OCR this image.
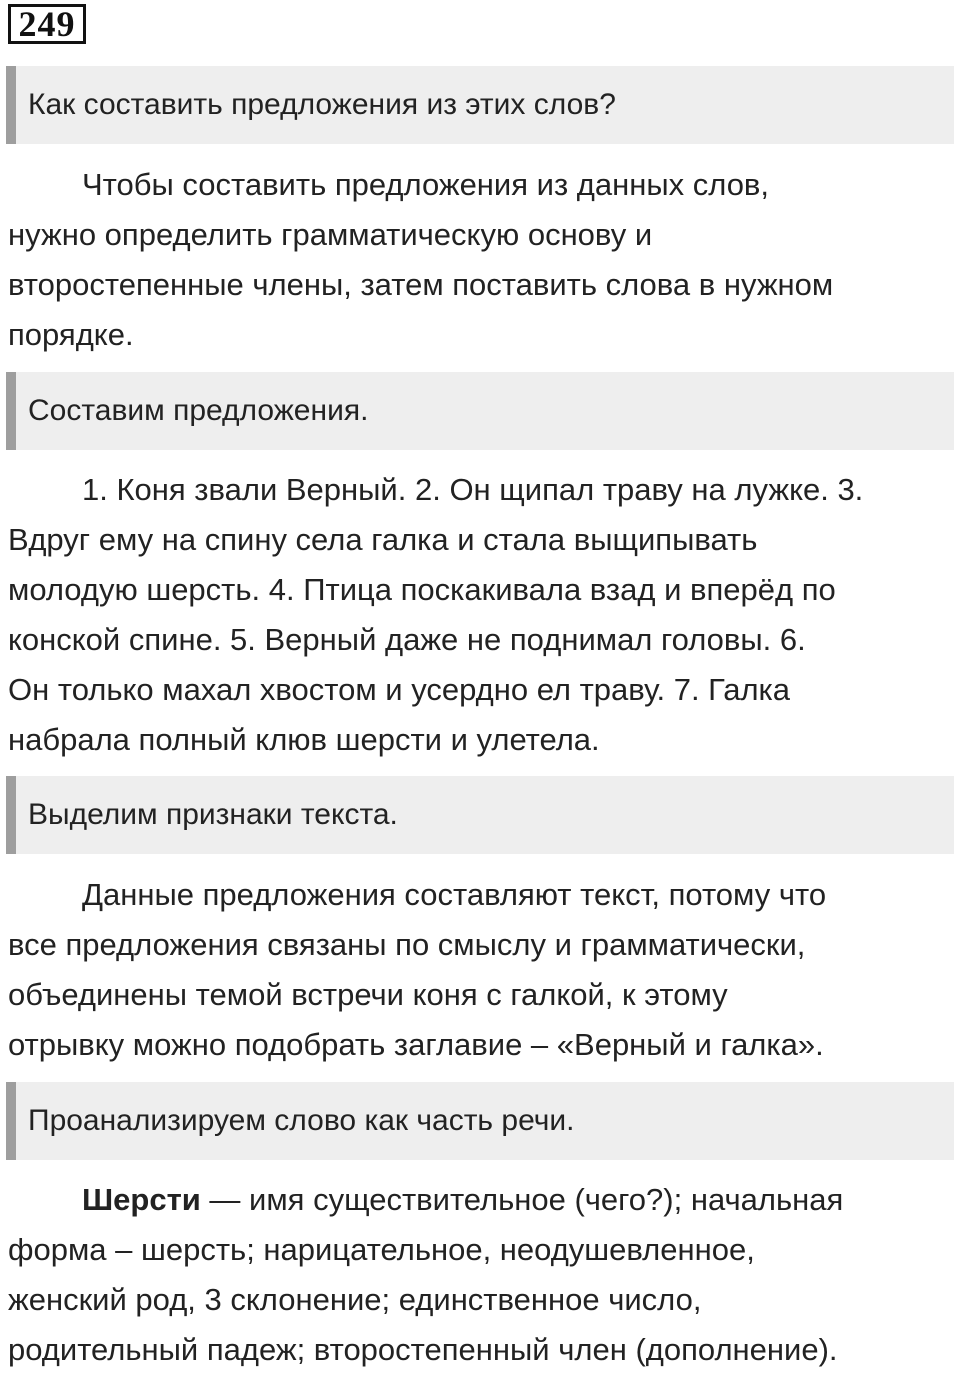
249
Как составить предложения из этих слов?

Чтобы составить предложения из данных слов,
нужно определить грамматическую основу и
второстепенные члены, затем поставить слова в нужном
порядке.

Составим предложения.

1. Коня звали Верный. 2. Он щипал траву на лужке. 3.
Вдруг ему на спину села галка и стала выщипывать
молодую шерсть. 4. Птица поскакивала взад и вперёд по
конской спине. 5. Верный даже не поднимал головы. 6.
Он только махал хвостом и усердно ел траву. 7. Галка
набрала полный клюв шерсти и улетела.

Выделим признаки текста.

Данные предложения составляют текст, потому что
все предложения связаны по смыслу и грамматически,
объединены темой встречи коня с галкой, к этому
отрывку можно подобрать заглавие – «Верный и галка».

Проанализируем слово как часть речи.

Шерсти — имя существительное (чего?); начальная
форма – шерсть; нарицательное, неодушевленное,
женский род, 3 склонение; единственное число,
родительный падеж; второстепенный член (дополнение).
